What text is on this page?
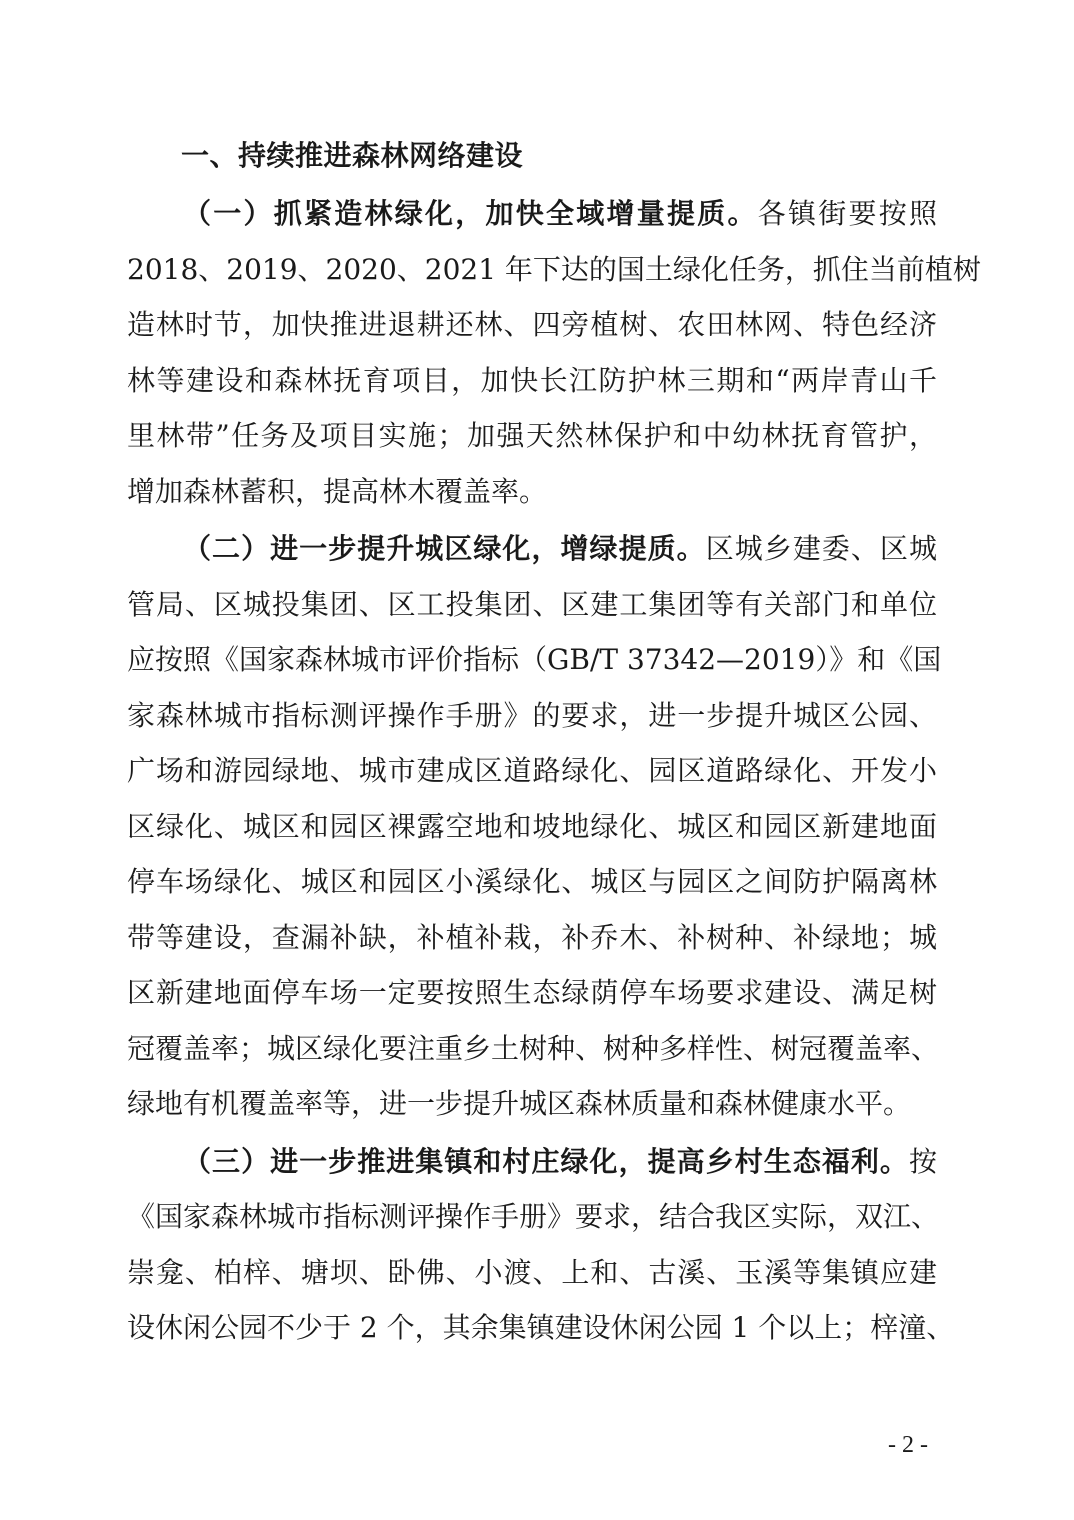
一、持续推进森林网络建设
（一）抓紧造林绿化，加快全域增量提质。各镇街要按照
2018、2019、2020、2021 年下达的国土绿化任务，抓住当前植树
造林时节，加快推进退耕还林、四旁植树、农田林网、特色经济
林等建设和森林抚育项目，加快长江防护林三期和“两岸青山千
里林带”任务及项目实施；加强天然林保护和中幼林抚育管护，
增加森林蓄积，提高林木覆盖率。
（二）进一步提升城区绿化，增绿提质。区城乡建委、区城
管局、区城投集团、区工投集团、区建工集团等有关部门和单位
应按照《国家森林城市评价指标（GB/T 37342—2019）》和《国
家森林城市指标测评操作手册》的要求，进一步提升城区公园、
广场和游园绿地、城市建成区道路绿化、园区道路绿化、开发小
区绿化、城区和园区裸露空地和坡地绿化、城区和园区新建地面
停车场绿化、城区和园区小溪绿化、城区与园区之间防护隔离林
带等建设，查漏补缺，补植补栽，补乔木、补树种、补绿地；城
区新建地面停车场一定要按照生态绿荫停车场要求建设、满足树
冠覆盖率；城区绿化要注重乡土树种、树种多样性、树冠覆盖率、
绿地有机覆盖率等，进一步提升城区森林质量和森林健康水平。
（三）进一步推进集镇和村庄绿化，提高乡村生态福利。按
《国家森林城市指标测评操作手册》要求，结合我区实际，双江、
崇龛、柏梓、塘坝、卧佛、小渡、上和、古溪、玉溪等集镇应建
设休闲公园不少于 2 个，其余集镇建设休闲公园 1 个以上；梓潼、
- 2 -
